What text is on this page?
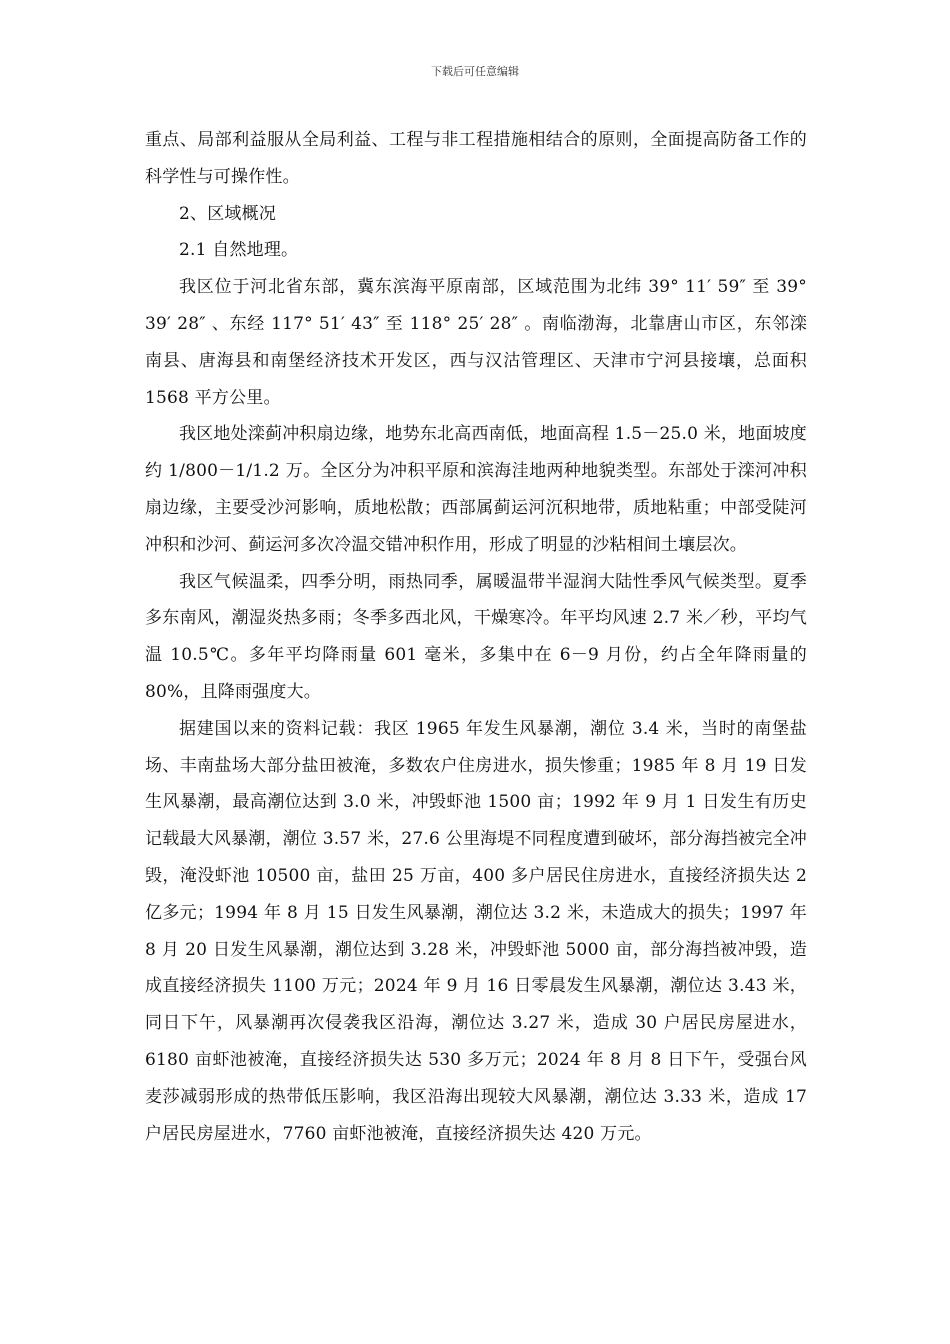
下载后可任意编辑

重点、局部利益服从全局利益、工程与非工程措施相结合的原则，全面提高防备工作的科学性与可操作性。

2、区域概况

2.1 自然地理。

我区位于河北省东部，冀东滨海平原南部，区域范围为北纬 39° 11′ 59″ 至 39° 39′ 28″ 、东经 117° 51′ 43″ 至 118° 25′ 28″ 。南临渤海，北靠唐山市区，东邻滦南县、唐海县和南堡经济技术开发区，西与汉沽管理区、天津市宁河县接壤，总面积 1568 平方公里。

我区地处滦蓟冲积扇边缘，地势东北高西南低，地面高程 1.5－25.0 米，地面坡度约 1/800－1/1.2 万。全区分为冲积平原和滨海洼地两种地貌类型。东部处于滦河冲积扇边缘，主要受沙河影响，质地松散；西部属蓟运河沉积地带，质地粘重；中部受陡河冲积和沙河、蓟运河多次冷温交错冲积作用，形成了明显的沙粘相间土壤层次。

我区气候温柔，四季分明，雨热同季，属暖温带半湿润大陆性季风气候类型。夏季多东南风，潮湿炎热多雨；冬季多西北风，干燥寒冷。年平均风速 2.7 米／秒，平均气温 10.5℃。多年平均降雨量 601 毫米，多集中在 6－9 月份，约占全年降雨量的 80%，且降雨强度大。

据建国以来的资料记载：我区 1965 年发生风暴潮，潮位 3.4 米，当时的南堡盐场、丰南盐场大部分盐田被淹，多数农户住房进水，损失惨重；1985 年 8 月 19 日发生风暴潮，最高潮位达到 3.0 米，冲毁虾池 1500 亩；1992 年 9 月 1 日发生有历史记载最大风暴潮，潮位 3.57 米，27.6 公里海堤不同程度遭到破坏，部分海挡被完全冲毁，淹没虾池 10500 亩，盐田 25 万亩，400 多户居民住房进水，直接经济损失达 2 亿多元；1994 年 8 月 15 日发生风暴潮，潮位达 3.2 米，未造成大的损失；1997 年 8 月 20 日发生风暴潮，潮位达到 3.28 米，冲毁虾池 5000 亩，部分海挡被冲毁，造成直接经济损失 1100 万元；2024 年 9 月 16 日零晨发生风暴潮，潮位达 3.43 米，同日下午，风暴潮再次侵袭我区沿海，潮位达 3.27 米，造成 30 户居民房屋进水，6180 亩虾池被淹，直接经济损失达 530 多万元；2024 年 8 月 8 日下午，受强台风麦莎减弱形成的热带低压影响，我区沿海出现较大风暴潮，潮位达 3.33 米，造成 17 户居民房屋进水，7760 亩虾池被淹，直接经济损失达 420 万元。
